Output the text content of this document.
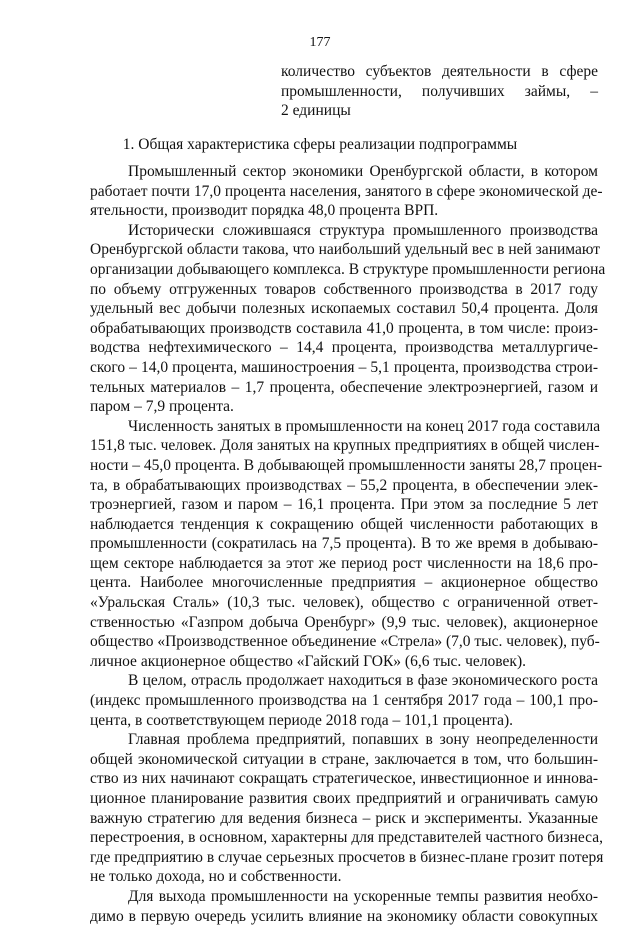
177
количество субъектов деятельности в сфере
промышленности, получивших займы, –
2 единицы
1. Общая характеристика сферы реализации подпрограммы

Промышленный сектор экономики Оренбургской области, в котором
работает почти 17,0 процента населения, занятого в сфере экономической де-
ятельности, производит порядка 48,0 процента ВРП.

Исторически сложившаяся структура промышленного производства
Оренбургской области такова, что наибольший удельный вес в ней занимают
организации добывающего комплекса. В структуре промышленности региона
по объему отгруженных товаров собственного производства в 2017 году
удельный вес добычи полезных ископаемых составил 50,4 процента. Доля
обрабатывающих производств составила 41,0 процента, в том числе: произ-
водства нефтехимического – 14,4 процента, производства металлургиче-
ского – 14,0 процента, машиностроения – 5,1 процента, производства строи-
тельных материалов – 1,7 процента, обеспечение электроэнергией, газом и
паром – 7,9 процента.

Численность занятых в промышленности на конец 2017 года составила
151,8 тыс. человек. Доля занятых на крупных предприятиях в общей числен-
ности – 45,0 процента. В добывающей промышленности заняты 28,7 процен-
та, в обрабатывающих производствах – 55,2 процента, в обеспечении элек-
троэнергией, газом и паром – 16,1 процента. При этом за последние 5 лет
наблюдается тенденция к сокращению общей численности работающих в
промышленности (сократилась на 7,5 процента). В то же время в добываю-
щем секторе наблюдается за этот же период рост численности на 18,6 про-
цента. Наиболее многочисленные предприятия – акционерное общество
«Уральская Сталь» (10,3 тыс. человек), общество с ограниченной ответ-
ственностью «Газпром добыча Оренбург» (9,9 тыс. человек), акционерное
общество «Производственное объединение «Стрела» (7,0 тыс. человек), пуб-
личное акционерное общество «Гайский ГОК» (6,6 тыс. человек).

В целом, отрасль продолжает находиться в фазе экономического роста
(индекс промышленного производства на 1 сентября 2017 года – 100,1 про-
цента, в соответствующем периоде 2018 года – 101,1 процента).

Главная проблема предприятий, попавших в зону неопределенности
общей экономической ситуации в стране, заключается в том, что большин-
ство из них начинают сокращать стратегическое, инвестиционное и иннова-
ционное планирование развития своих предприятий и ограничивать самую
важную стратегию для ведения бизнеса – риск и эксперименты. Указанные
перестроения, в основном, характерны для представителей частного бизнеса,
где предприятию в случае серьезных просчетов в бизнес-плане грозит потеря
не только дохода, но и собственности.

Для выхода промышленности на ускоренные темпы развития необхо-
димо в первую очередь усилить влияние на экономику области совокупных
